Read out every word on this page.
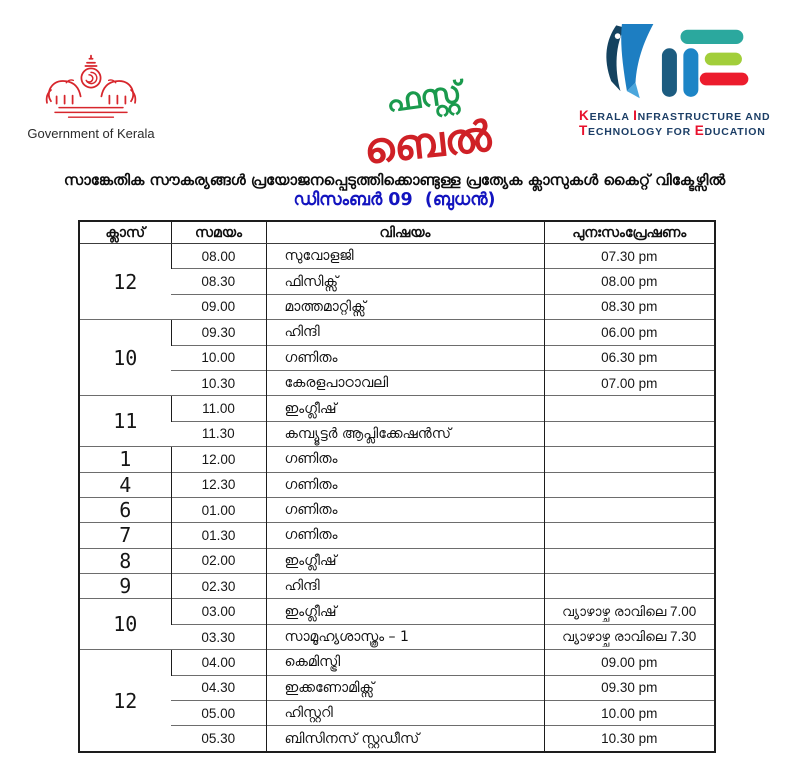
Government of Kerala
ഫസ്റ്റ്
ബെൽ	KERALA INFRASTRUCTURE AND
TECHNOLOGY FOR EDUCATION
സാങ്കേതിക സൗകര്യങ്ങൾ പ്രയോജനപ്പെടുത്തിക്കൊണ്ടുള്ള പ്രത്യേക ക്ലാസുകൾ കൈറ്റ് വിക്ടേഴ്സിൽ
ഡിസംബർ 09  (ബുധൻ)
ക്ലാസ്	സമയം	വിഷയം	പുനഃസംപ്രേഷണം
12	08.00	സുവോളജി	07.30 pm
	08.30	ഫിസിക്സ്	08.00 pm
	09.00	മാത്തമാറ്റിക്സ്	08.30 pm
10	09.30	ഹിന്ദി	06.00 pm
	10.00	ഗണിതം	06.30 pm
	10.30	കേരളപാഠാവലി	07.00 pm
11	11.00	ഇംഗ്ലീഷ്	
	11.30	കമ്പ്യൂട്ടർ ആപ്ലിക്കേഷൻസ്	
1	12.00	ഗണിതം	
4	12.30	ഗണിതം	
6	01.00	ഗണിതം	
7	01.30	ഗണിതം	
8	02.00	ഇംഗ്ലീഷ്	
9	02.30	ഹിന്ദി	
10	03.00	ഇംഗ്ലീഷ്	വ്യാഴാഴ്ച രാവിലെ 7.00
	03.30	സാമൂഹ്യശാസ്ത്രം – 1	വ്യാഴാഴ്ച രാവിലെ 7.30
12	04.00	കെമിസ്ട്രി	09.00 pm
	04.30	ഇക്കണോമിക്സ്	09.30 pm
	05.00	ഹിസ്റ്ററി	10.00 pm
	05.30	ബിസിനസ് സ്റ്റഡീസ്	10.30 pm
